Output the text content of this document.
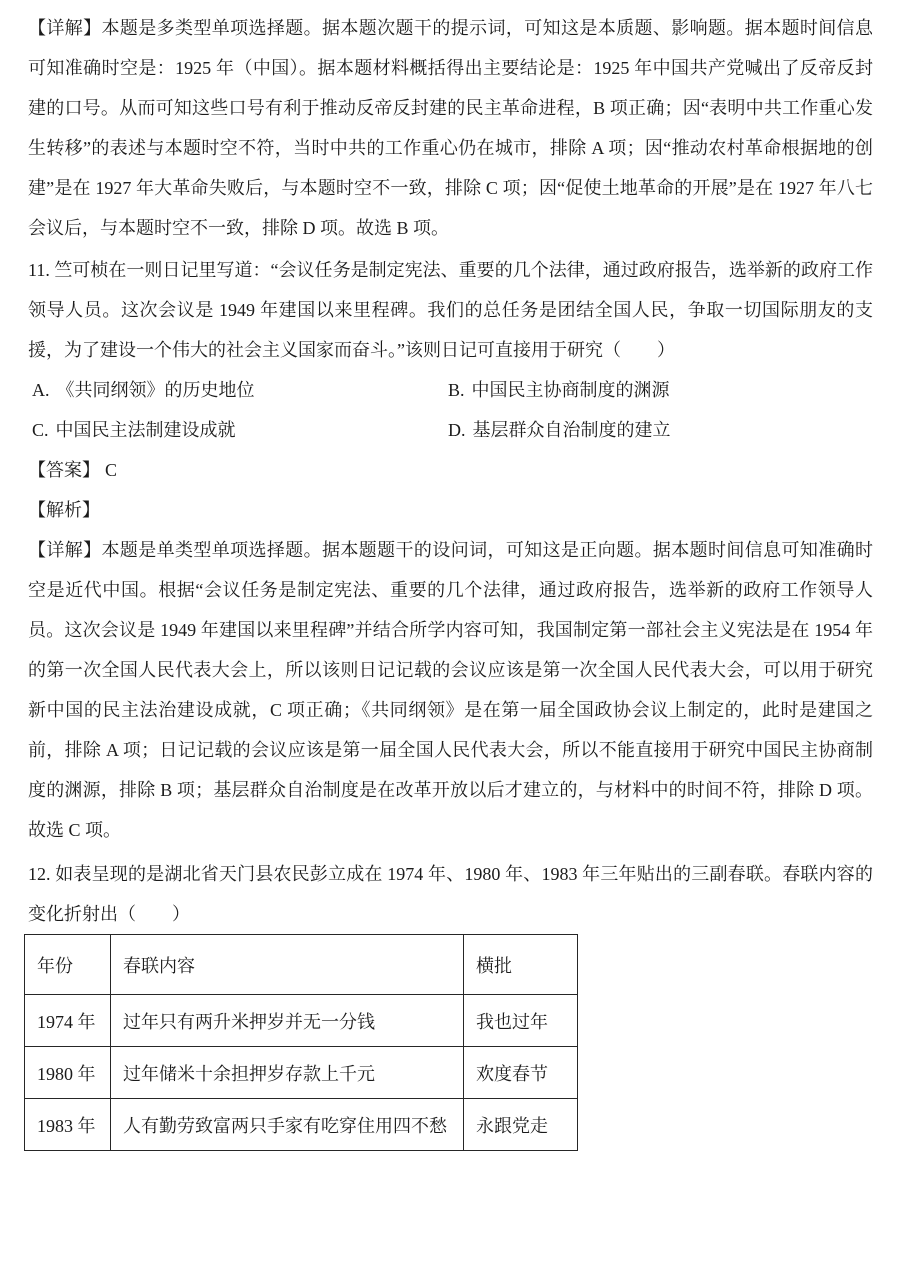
【详解】本题是多类型单项选择题。据本题次题干的提示词，可知这是本质题、影响题。据本题时间信息可知准确时空是：1925 年（中国）。据本题材料概括得出主要结论是：1925 年中国共产党喊出了反帝反封建的口号。从而可知这些口号有利于推动反帝反封建的民主革命进程，B 项正确；因“表明中共工作重心发生转移”的表述与本题时空不符，当时中共的工作重心仍在城市，排除 A 项；因“推动农村革命根据地的创建”是在 1927 年大革命失败后，与本题时空不一致，排除 C 项；因“促使土地革命的开展”是在 1927 年八七会议后，与本题时空不一致，排除 D 项。故选 B 项。

11. 竺可桢在一则日记里写道：“会议任务是制定宪法、重要的几个法律，通过政府报告，选举新的政府工作领导人员。这次会议是 1949 年建国以来里程碑。我们的总任务是团结全国人民，争取一切国际朋友的支援，为了建设一个伟大的社会主义国家而奋斗。”该则日记可直接用于研究（　　）

A. 《共同纲领》的历史地位	B. 中国民主协商制度的渊源
C. 中国民主法制建设成就	D. 基层群众自治制度的建立

【答案】 C

【解析】

【详解】本题是单类型单项选择题。据本题题干的设问词，可知这是正向题。据本题时间信息可知准确时空是近代中国。根据“会议任务是制定宪法、重要的几个法律，通过政府报告，选举新的政府工作领导人员。这次会议是 1949 年建国以来里程碑”并结合所学内容可知，我国制定第一部社会主义宪法是在 1954 年的第一次全国人民代表大会上，所以该则日记记载的会议应该是第一次全国人民代表大会，可以用于研究新中国的民主法治建设成就，C 项正确；《共同纲领》是在第一届全国政协会议上制定的，此时是建国之前，排除 A 项；日记记载的会议应该是第一届全国人民代表大会，所以不能直接用于研究中国民主协商制度的渊源，排除 B 项；基层群众自治制度是在改革开放以后才建立的，与材料中的时间不符，排除 D 项。故选 C 项。

12. 如表呈现的是湖北省天门县农民彭立成在 1974 年、1980 年、1983 年三年贴出的三副春联。春联内容的变化折射出（　　）

年份	春联内容	横批
1974 年	过年只有两升米押岁并无一分钱	我也过年
1980 年	过年储米十余担押岁存款上千元	欢度春节
1983 年	人有勤劳致富两只手家有吃穿住用四不愁	永跟党走
